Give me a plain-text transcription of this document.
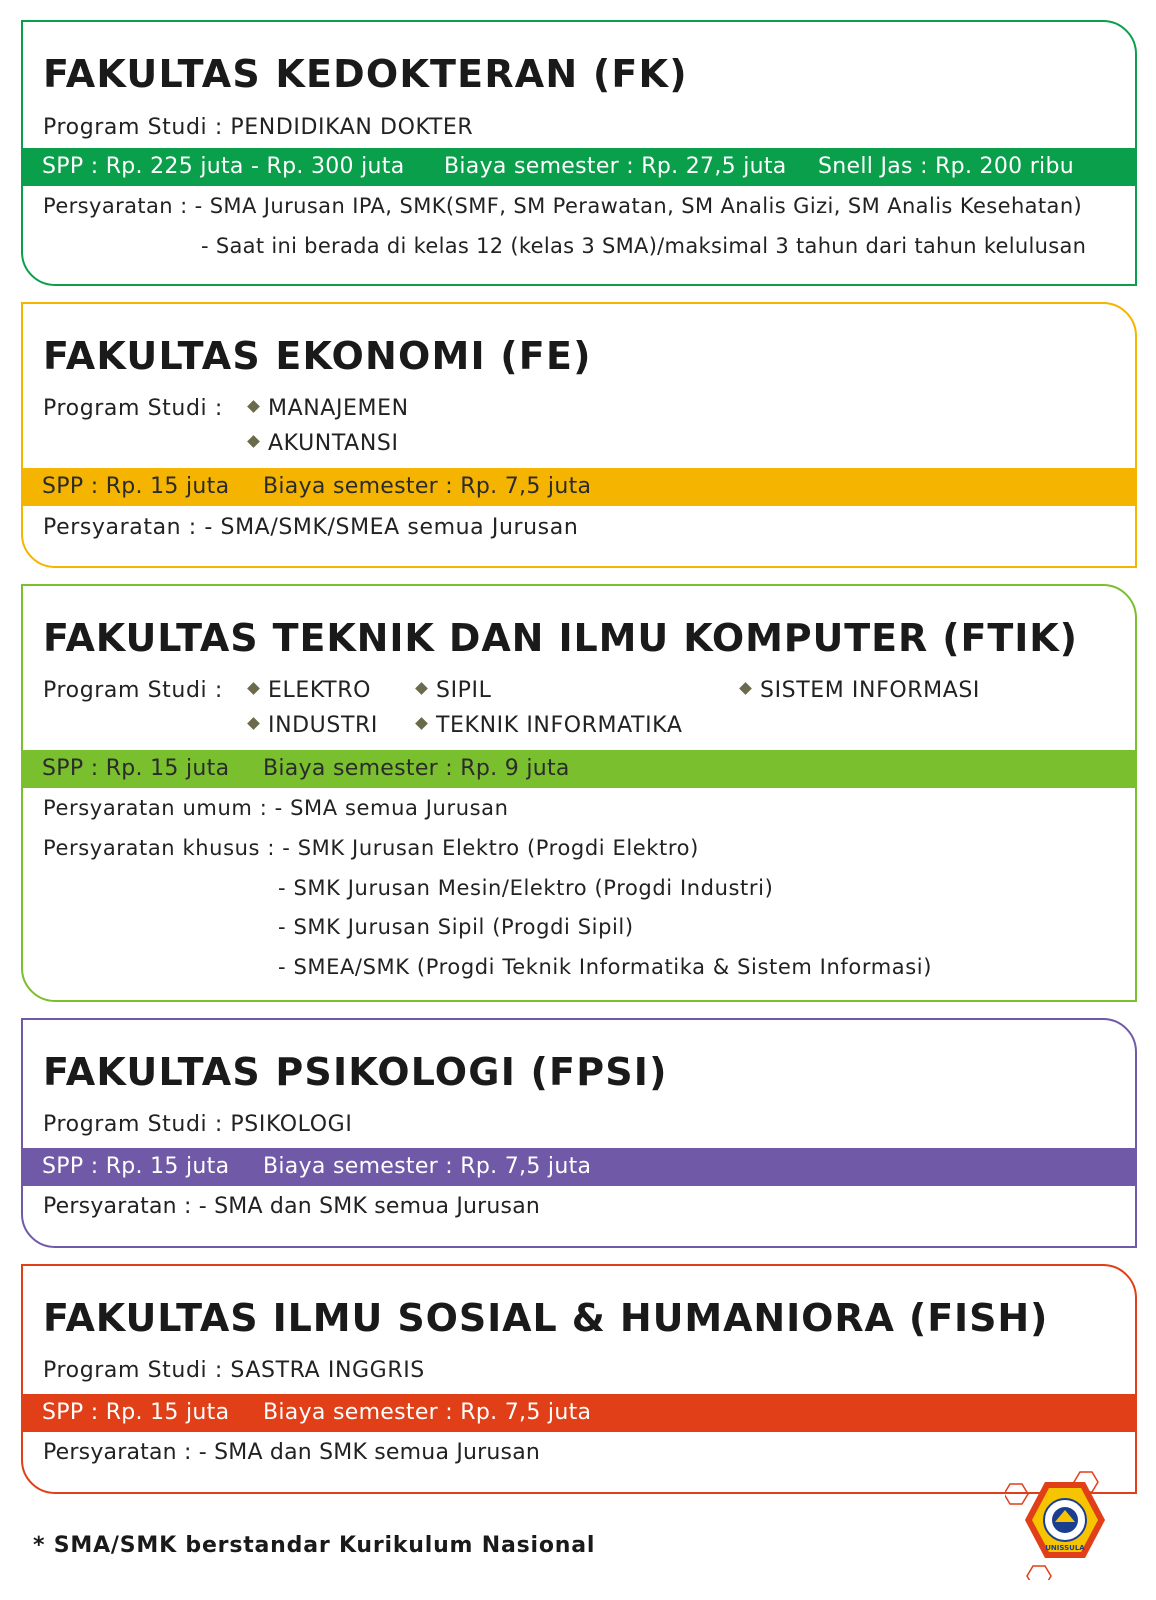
FAKULTAS KEDOKTERAN (FK)
Program Studi : PENDIDIKAN DOKTER
SPP : Rp. 225 juta - Rp. 300 juta Biaya semester : Rp. 27,5 juta Snell Jas : Rp. 200 ribu
Persyaratan : - SMA Jurusan IPA, SMK(SMF, SM Perawatan, SM Analis Gizi, SM Analis Kesehatan)
- Saat ini berada di kelas 12 (kelas 3 SMA)/maksimal 3 tahun dari tahun kelulusan
FAKULTAS EKONOMI (FE)
Program Studi :	MANAJEMEN
AKUNTANSI
SPP : Rp. 15 juta Biaya semester : Rp. 7,5 juta
Persyaratan : - SMA/SMK/SMEA semua Jurusan
FAKULTAS TEKNIK DAN ILMU KOMPUTER (FTIK)
Program Studi :	ELEKTRO	SIPIL	SISTEM INFORMASI
INDUSTRI	TEKNIK INFORMATIKA
SPP : Rp. 15 juta Biaya semester : Rp. 9 juta
Persyaratan umum : - SMA semua Jurusan
Persyaratan khusus : - SMK Jurusan Elektro (Progdi Elektro)
- SMK Jurusan Mesin/Elektro (Progdi Industri)
- SMK Jurusan Sipil (Progdi Sipil)
- SMEA/SMK (Progdi Teknik Informatika & Sistem Informasi)
FAKULTAS PSIKOLOGI (FPSI)
Program Studi : PSIKOLOGI
SPP : Rp. 15 juta Biaya semester : Rp. 7,5 juta
Persyaratan : - SMA dan SMK semua Jurusan
FAKULTAS ILMU SOSIAL & HUMANIORA (FISH)
Program Studi : SASTRA INGGRIS
SPP : Rp. 15 juta Biaya semester : Rp. 7,5 juta
Persyaratan : - SMA dan SMK semua Jurusan
* SMA/SMK berstandar Kurikulum Nasional	UNISSULA
